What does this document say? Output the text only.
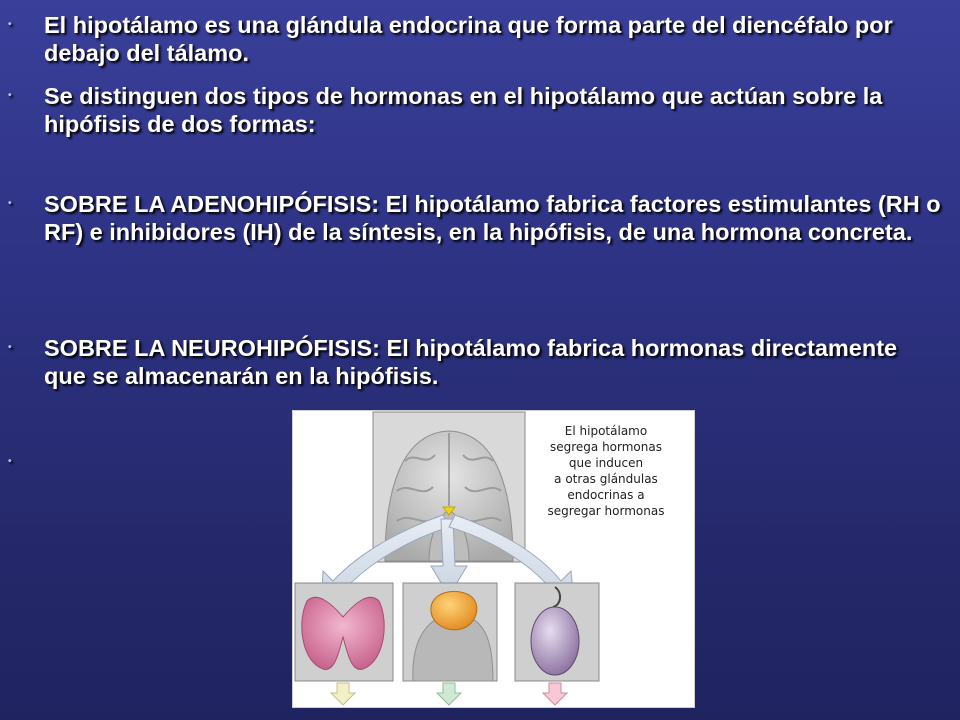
• El hipotálamo es una glándula endocrina que forma parte del diencéfalo por debajo del tálamo.
• Se distinguen dos tipos de hormonas en el hipotálamo que actúan sobre la hipófisis de dos formas:
• SOBRE LA ADENOHIPÓFISIS: El hipotálamo fabrica factores estimulantes (RH o RF) e inhibidores (IH) de la síntesis, en la hipófisis, de una hormona concreta.
• SOBRE LA NEUROHIPÓFISIS: El hipotálamo fabrica hormonas directamente que se almacenarán en la hipófisis.
•

El hipotálamo
segrega hormonas
que inducen
a otras glándulas
endocrinas a
segregar hormonas
